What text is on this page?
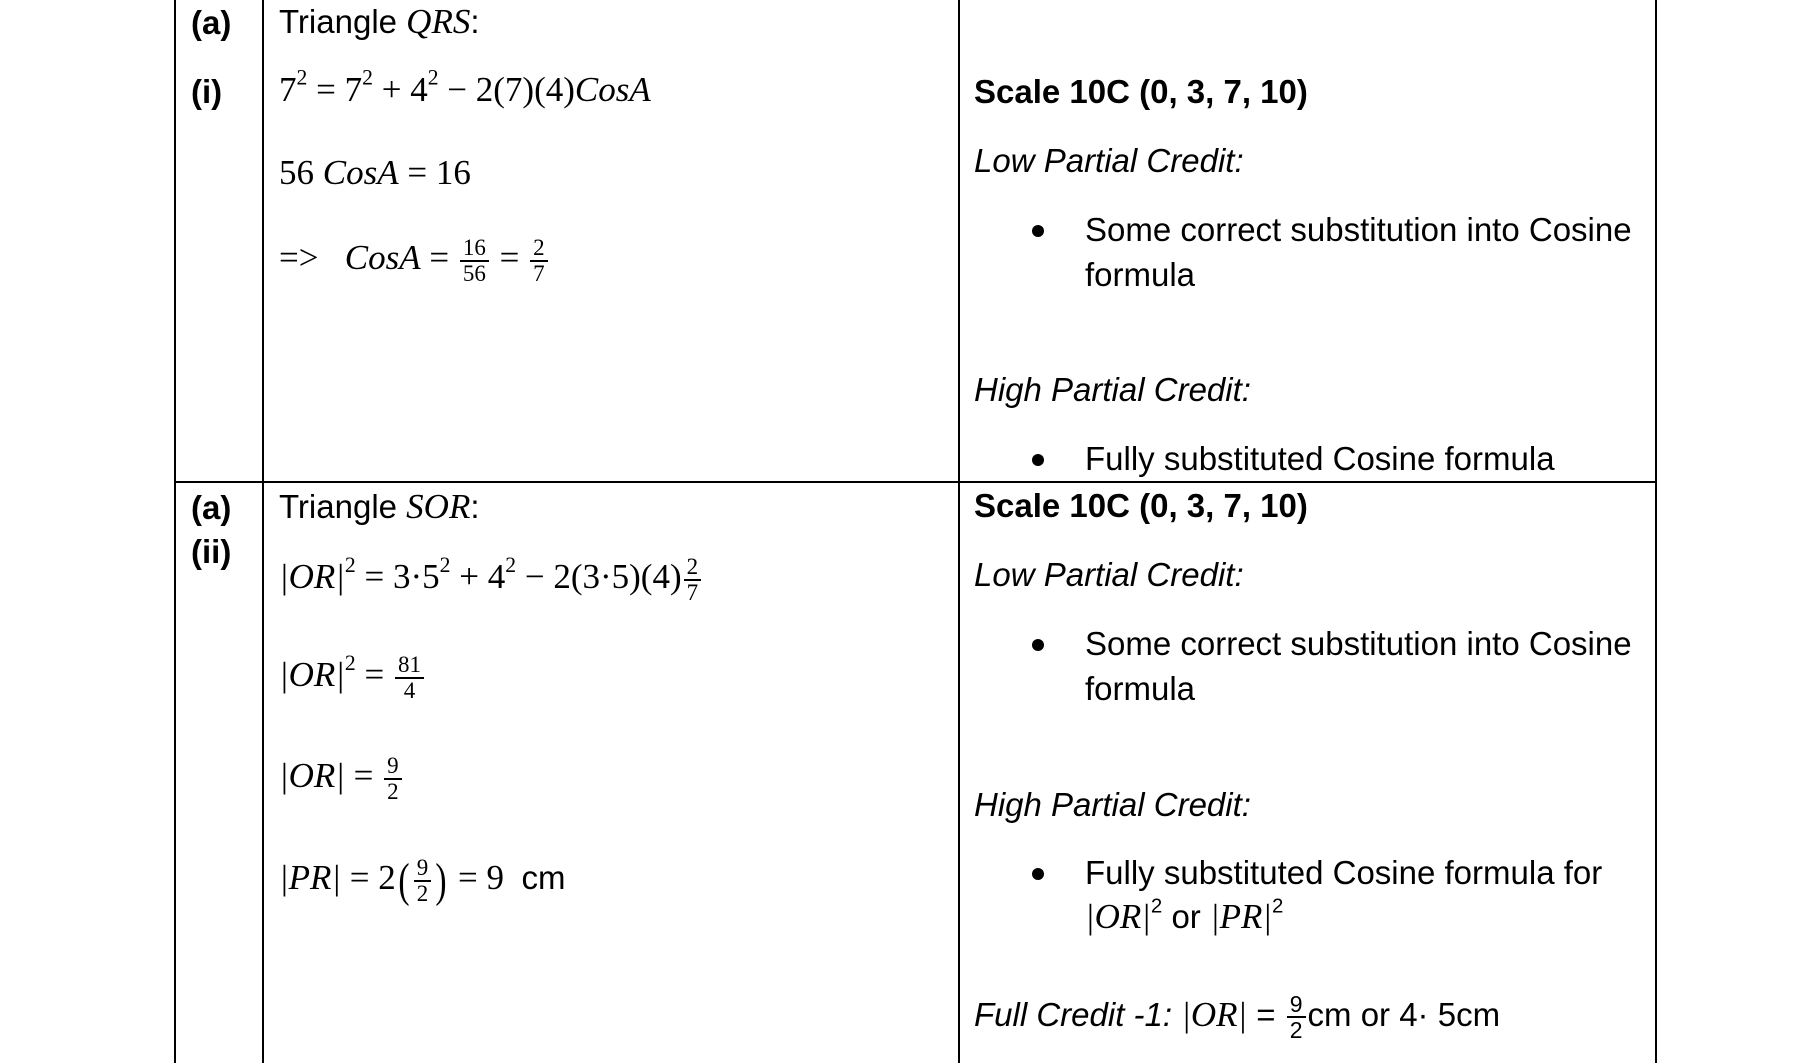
(a)
(i)
Triangle QRS:
$7^2 = 7^2 + 4^2$ − 2(7)(4)CosA
56 CosA = 16
=> CosA = $\frac{16}{56} = \frac{2}{7}$
Scale 10C (0, 3, 7, 10)
Low Partial Credit:
Some correct substitution into Cosine
formula
High Partial Credit:
Fully substituted Cosine formula
(a)
(ii)
Triangle SOR:
$|OR|^2 = 3\cdot 5^2 + 4^2 - 2(3\cdot 5)(4) \frac{2}{7}$
$|OR|^2 = \frac{81}{4}$
$|OR| = \frac{9}{2}$
$|PR| = 2( \frac{9}{2}$ ) = 9 cm
Scale 10C (0, 3, 7, 10)
Low Partial Credit:
Some correct substitution into Cosine
formula
High Partial Credit:
Fully substituted Cosine formula for
$|OR|^2$ or $|PR|^2$
Full Credit -1: $|OR| = \frac{9}{2}$ cm or 4· 5cm
